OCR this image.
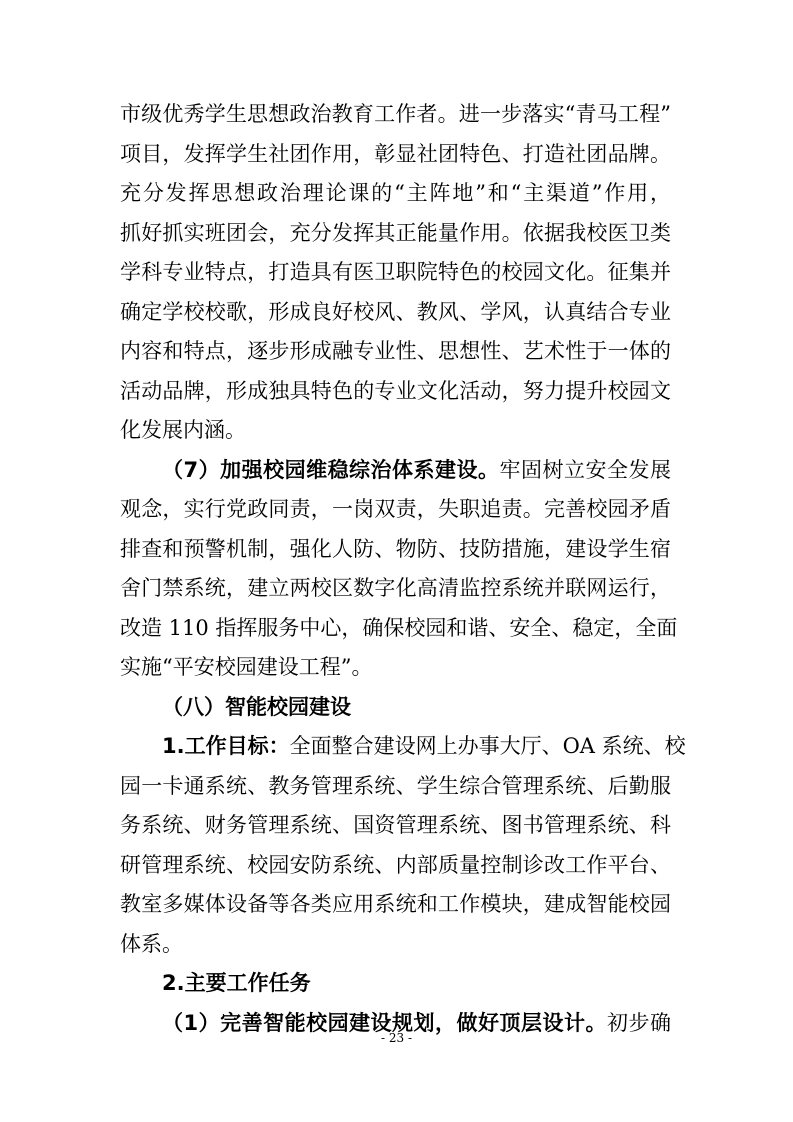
市级优秀学生思想政治教育工作者。进一步落实“青马工程”
项目，发挥学生社团作用，彰显社团特色、打造社团品牌。
充分发挥思想政治理论课的“主阵地”和“主渠道”作用，
抓好抓实班团会，充分发挥其正能量作用。依据我校医卫类
学科专业特点，打造具有医卫职院特色的校园文化。征集并
确定学校校歌，形成良好校风、教风、学风，认真结合专业
内容和特点，逐步形成融专业性、思想性、艺术性于一体的
活动品牌，形成独具特色的专业文化活动，努力提升校园文
化发展内涵。
（7）加强校园维稳综治体系建设。牢固树立安全发展
观念，实行党政同责，一岗双责，失职追责。完善校园矛盾
排查和预警机制，强化人防、物防、技防措施，建设学生宿
舍门禁系统，建立两校区数字化高清监控系统并联网运行，
改造 110 指挥服务中心，确保校园和谐、安全、稳定，全面
实施“平安校园建设工程”。
（八）智能校园建设
1.工作目标：全面整合建设网上办事大厅、OA 系统、校
园一卡通系统、教务管理系统、学生综合管理系统、后勤服
务系统、财务管理系统、国资管理系统、图书管理系统、科
研管理系统、校园安防系统、内部质量控制诊改工作平台、
教室多媒体设备等各类应用系统和工作模块，建成智能校园
体系。
2.主要工作任务
（1）完善智能校园建设规划，做好顶层设计。初步确
- 23 -
